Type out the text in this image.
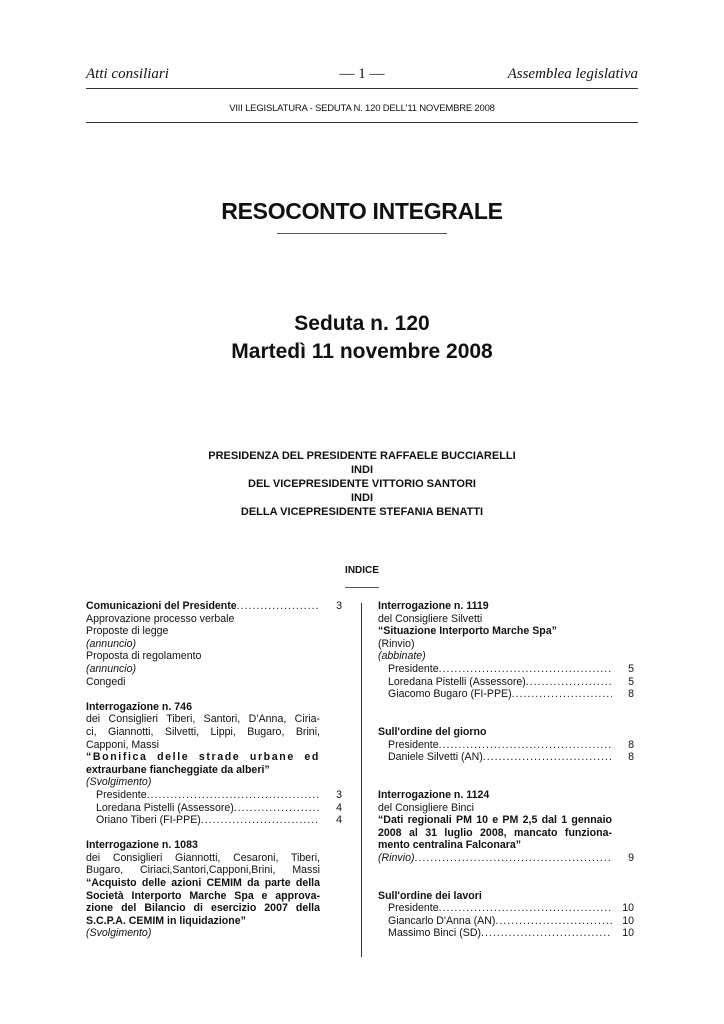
Atti consiliari	— 1 —	Assemblea legislativa
VIII LEGISLATURA - SEDUTA N. 120 DELL'11 NOVEMBRE 2008
RESOCONTO INTEGRALE
Seduta n. 120
Martedì 11 novembre 2008
PRESIDENZA DEL PRESIDENTE RAFFAELE BUCCIARELLI
INDI
DEL VICEPRESIDENTE VITTORIO SANTORI
INDI
DELLA VICEPRESIDENTE STEFANIA BENATTI
INDICE
Comunicazioni del Presidente .....	3
Approvazione processo verbale
Proposte di legge
(annuncio)
Proposta di regolamento
(annuncio)
Congedi
Interrogazione n. 746
dei Consiglieri Tiberi, Santori, D’Anna, Ciria-
ci, Giannotti, Silvetti, Lippi, Bugaro, Brini,
Capponi, Massi
“Bonifica delle strade urbane ed
extraurbane fiancheggiate da alberi”
(Svolgimento)
Presidente .....	3
Loredana Pistelli (Assessore) .....	4
Oriano Tiberi (FI-PPE) .....	4
Interrogazione n. 1083
dei Consiglieri Giannotti, Cesaroni, Tiberi,
Bugaro, Ciriaci,Santori,Capponi,Brini, Massi
“Acquisto delle azioni CEMIM da parte della
Società Interporto Marche Spa e approva-
zione del Bilancio di esercizio 2007 della
S.C.P.A. CEMIM in liquidazione”
(Svolgimento)
Interrogazione n. 1119
del Consigliere Silvetti
“Situazione Interporto Marche Spa”
(Rinvio)
(abbinate)
Presidente .....	5
Loredana Pistelli (Assessore) .....	5
Giacomo Bugaro (FI-PPE) .....	8
Sull'ordine del giorno
Presidente .....	8
Daniele Silvetti (AN) .....	8
Interrogazione n. 1124
del Consigliere Binci
“Dati regionali PM 10 e PM 2,5 dal 1 gennaio
2008 al 31 luglio 2008, mancato funziona-
mento centralina Falconara”
(Rinvio) .....	9
Sull'ordine dei lavori
Presidente .....	10
Giancarlo D'Anna (AN) .....	10
Massimo Binci (SD) .....	10
